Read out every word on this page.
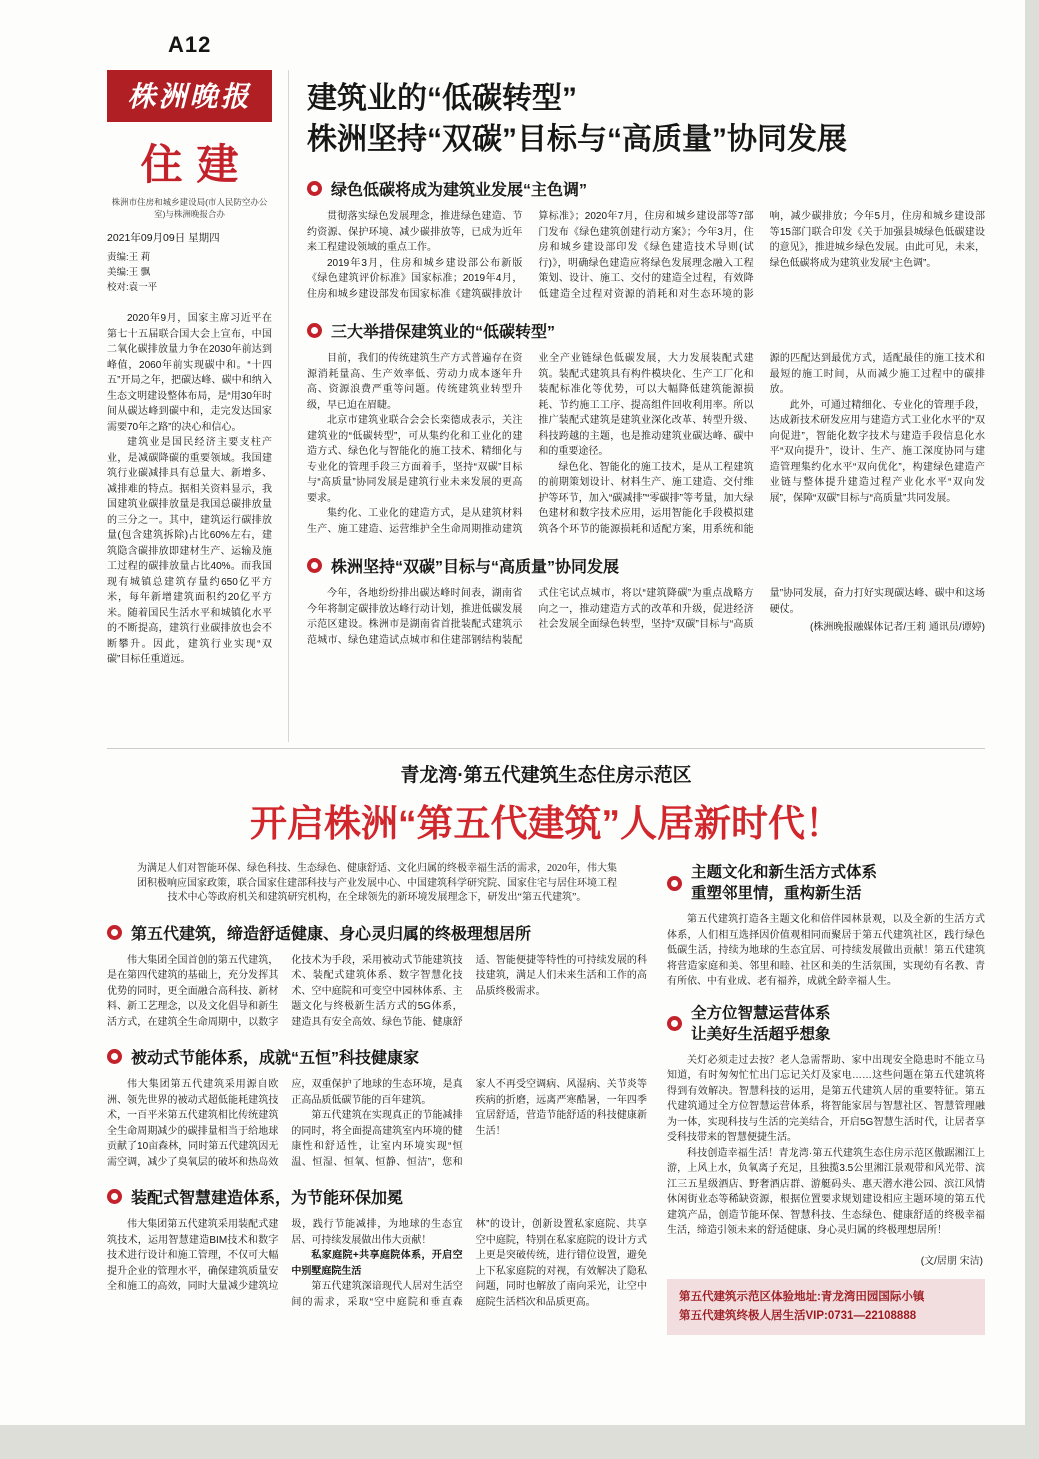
A12
株洲晚报
住建
株洲市住房和城乡建设局(市人民防空办公室)与株洲晚报合办
2021年09月09日 星期四

责编:王 莉

美编:王 飘

校对:袁一平

2020年9月，国家主席习近平在第七十五届联合国大会上宣布，中国二氧化碳排放量力争在2030年前达到峰值，2060年前实现碳中和。“十四五”开局之年，把碳达峰、碳中和纳入生态文明建设整体布局，是“用30年时间从碳达峰到碳中和，走完发达国家需要70年之路”的决心和信心。

建筑业是国民经济主要支柱产业，是减碳降碳的重要领域。我国建筑行业碳减排具有总量大、新增多、减排难的特点。据相关资料显示，我国建筑业碳排放量是我国总碳排放量的三分之一。其中，建筑运行碳排放量(包含建筑拆除)占比60%左右，建筑隐含碳排放即建材生产、运输及施工过程的碳排放量占比40%。而我国现有城镇总建筑存量约650亿平方米，每年新增建筑面积约20亿平方米。随着国民生活水平和城镇化水平的不断提高，建筑行业碳排放也会不断攀升。因此，建筑行业实现“双碳”目标任重道远。

建筑业的“低碳转型”

株洲坚持“双碳”目标与“高质量”协同发展

绿色低碳将成为建筑业发展“主色调”

贯彻落实绿色发展理念，推进绿色建造、节约资源、保护环境、减少碳排放等，已成为近年来工程建设领域的重点工作。

2019年3月，住房和城乡建设部公布新版《绿色建筑评价标准》国家标准；2019年4月，住房和城乡建设部发布国家标准《建筑碳排放计算标准》；2020年7月，住房和城乡建设部等7部门发布《绿色建筑创建行动方案》；今年3月，住房和城乡建设部印发《绿色建造技术导则(试行)》，明确绿色建造应将绿色发展理念融入工程策划、设计、施工、交付的建造全过程，有效降低建造全过程对资源的消耗和对生态环境的影响，减少碳排放；今年5月，住房和城乡建设部等15部门联合印发《关于加强县城绿色低碳建设的意见》，推进城乡绿色发展。由此可见，未来，绿色低碳将成为建筑业发展“主色调”。

三大举措保建筑业的“低碳转型”

目前，我们的传统建筑生产方式普遍存在资源消耗量高、生产效率低、劳动力成本逐年升高、资源浪费严重等问题。传统建筑业转型升级，早已迫在眉睫。

北京市建筑业联合会会长栾德成表示，关注建筑业的“低碳转型”，可从集约化和工业化的建造方式、绿色化与智能化的施工技术、精细化与专业化的管理手段三方面着手，坚持“双碳”目标与“高质量”协同发展是建筑行业未来发展的更高要求。

集约化、工业化的建造方式，是从建筑材料生产、施工建造、运营维护全生命周期推动建筑业全产业链绿色低碳发展，大力发展装配式建筑。装配式建筑具有构件模块化、生产工厂化和装配标准化等优势，可以大幅降低建筑能源损耗、节约施工工序、提高组件回收利用率。所以推广装配式建筑是建筑业深化改革、转型升级、科技跨越的主题，也是推动建筑业碳达峰、碳中和的重要途径。

绿色化、智能化的施工技术，是从工程建筑的前期策划设计、材料生产、施工建造、交付维护等环节，加入“碳减排”“零碳排”等考量，加大绿色建材和数字技术应用，运用智能化手段模拟建筑各个环节的能源损耗和适配方案，用系统和能源的匹配达到最优方式，适配最佳的施工技术和最短的施工时间，从而减少施工过程中的碳排放。

此外，可通过精细化、专业化的管理手段，达成新技术研发应用与建造方式工业化水平的“双向促进”，智能化数字技术与建造手段信息化水平“双向提升”，设计、生产、施工深度协同与建造管理集约化水平“双向优化”，构建绿色建造产业链与整体提升建造过程产业化水平“双向发展”，保障“双碳”目标与“高质量”共同发展。

株洲坚持“双碳”目标与“高质量”协同发展

今年，各地纷纷排出碳达峰时间表，湖南省今年将制定碳排放达峰行动计划，推进低碳发展示范区建设。株洲市是湖南省首批装配式建筑示范城市、绿色建造试点城市和住建部钢结构装配式住宅试点城市，将以“建筑降碳”为重点战略方向之一，推动建造方式的改革和升级，促进经济社会发展全面绿色转型，坚持“双碳”目标与“高质量”协同发展，奋力打好实现碳达峰、碳中和这场硬仗。

(株洲晚报融媒体记者/王莉 通讯员/谭婷)

青龙湾·第五代建筑生态住房示范区
开启株洲“第五代建筑”人居新时代！
为满足人们对智能环保、绿色科技、生态绿色、健康舒适、文化归属的终极幸福生活的需求，2020年，伟大集团积极响应国家政策，联合国家住建部科技与产业发展中心、中国建筑科学研究院、国家住宅与居住环境工程技术中心等政府机关和建筑研究机构，在全球领先的新环境发展理念下，研发出“第五代建筑”。
第五代建筑，缔造舒适健康、身心灵归属的终极理想居所

伟大集团全国首创的第五代建筑，是在第四代建筑的基础上，充分发挥其优势的同时，更全面融合高科技、新材料、新工艺理念，以及文化倡导和新生活方式，在建筑全生命周期中，以数字化技术为手段，采用被动式节能建筑技术、装配式建筑体系、数字智慧化技术、空中庭院和可变空中园林体系、主题文化与终极新生活方式的5G体系，建造具有安全高效、绿色节能、健康舒适、智能便捷等特性的可持续发展的科技建筑，满足人们未来生活和工作的高品质终极需求。

被动式节能体系，成就“五恒”科技健康家

伟大集团第五代建筑采用源自欧洲、领先世界的被动式超低能耗建筑技术，一百平米第五代建筑相比传统建筑全生命周期减少的碳排量相当于给地球贡献了10亩森林，同时第五代建筑因无需空调，减少了臭氧层的破坏和热岛效应，双重保护了地球的生态环境，是真正高品质低碳节能的百年建筑。

第五代建筑在实现真正的节能减排的同时，将全面提高建筑室内环境的健康性和舒适性，让室内环境实现“恒温、恒湿、恒氧、恒静、恒洁”，您和家人不再受空调病、风湿病、关节炎等疾病的折磨，远离严寒酷暑，一年四季宜居舒适，营造节能舒适的科技健康新生活！

装配式智慧建造体系，为节能环保加冕

伟大集团第五代建筑采用装配式建筑技术，运用智慧建造BIM技术和数字技术进行设计和施工管理，不仅可大幅提升企业的管理水平，确保建筑质量安全和施工的高效，同时大量减少建筑垃圾，践行节能减排，为地球的生态宜居、可持续发展做出伟大贡献！

私家庭院+共享庭院体系，开启空中别墅庭院生活

第五代建筑深谙现代人居对生活空间的需求，采取“空中庭院和垂直森林”的设计，创新设置私家庭院、共享空中庭院，特别在私家庭院的设计方式上更是突破传统，进行错位设置，避免上下私家庭院的对视，有效解决了隐私问题，同时也解放了南向采光，让空中庭院生活档次和品质更高。

主题文化和新生活方式体系

重塑邻里情，重构新生活

第五代建筑打造各主题文化和倍伴园林景观，以及全新的生活方式体系，人们相互选择因价值观相同而聚居于第五代建筑社区，践行绿色低碳生活，持续为地球的生态宜居、可持续发展做出贡献！第五代建筑将营造家庭和美、邻里和睦、社区和美的生活氛围，实现幼有名教、青有所依、中有业成、老有福养，成就全龄幸福人生。

全方位智慧运营体系

让美好生活超乎想象

关灯必须走过去按？老人急需帮助、家中出现安全隐患时不能立马知道，有时匆匆忙忙出门忘记关灯及家电……这些问题在第五代建筑将得到有效解决。智慧科技的运用，是第五代建筑人居的重要特征。第五代建筑通过全方位智慧运营体系，将智能家居与智慧社区、智慧管理融为一体，实现科技与生活的完美结合，开启5G智慧生活时代，让居者享受科技带来的智慧便捷生活。

科技创造幸福生活！青龙湾·第五代建筑生态住房示范区傲踞湘江上游，上风上水，负氧离子充足，且独揽3.5公里湘江景观带和风光带、滨江三五星级酒店、野奢酒店群、游艇码头、惠天潜水港公园、滨江风情休闲街业态等稀缺资源，根据位置要求规划建设相应主题环境的第五代建筑产品，创造节能环保、智慧科技、生态绿色、健康舒适的终极幸福生活，缔造引领未来的舒适健康、身心灵归属的终极理想居所！

(文/居朋 宋洁)

第五代建筑示范区体验地址:青龙湾田园国际小镇

第五代建筑终极人居生活VIP:0731—22108888
